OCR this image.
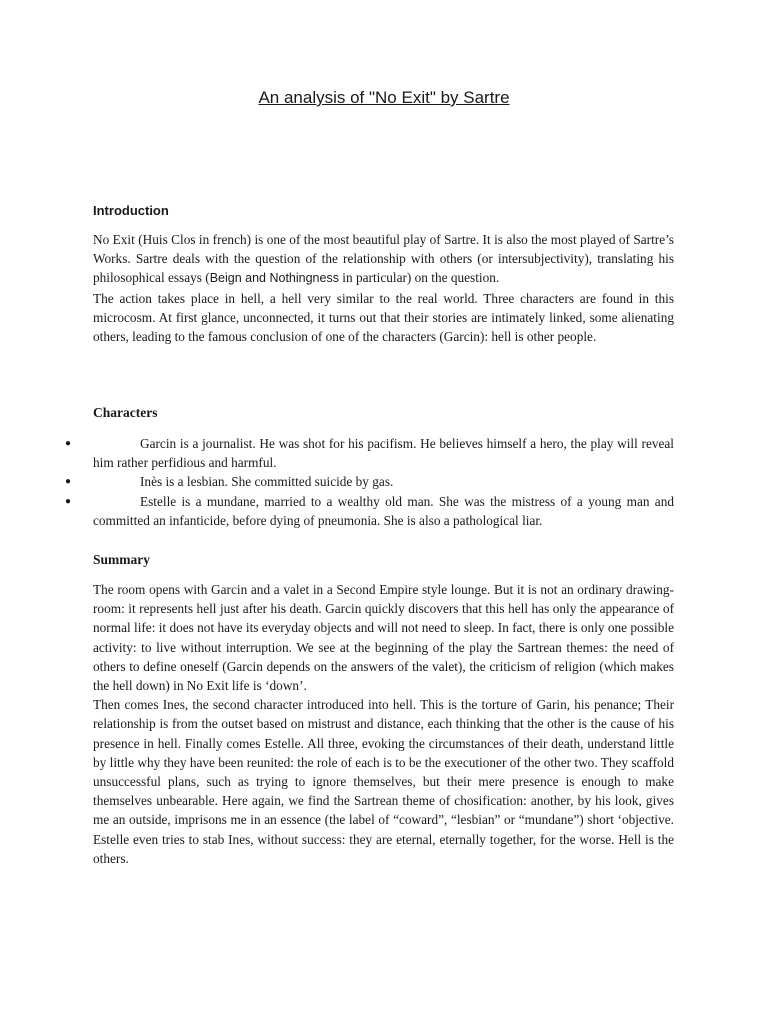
An analysis of "No Exit" by Sartre
Introduction

No Exit (Huis Clos in french) is one of the most beautiful play of Sartre. It is also the most played of Sartre’s Works. Sartre deals with the question of the relationship with others (or intersubjectivity), translating his philosophical essays (Beign and Nothingness in particular) on the question.

The action takes place in hell, a hell very similar to the real world. Three characters are found in this microcosm. At first glance, unconnected, it turns out that their stories are intimately linked, some alienating others, leading to the famous conclusion of one of the characters (Garcin): hell is other people.

Characters
●	Garcin is a journalist. He was shot for his pacifism. He believes himself a hero, the play will reveal him rather perfidious and harmful.
●	Inès is a lesbian. She committed suicide by gas.
●	Estelle is a mundane, married to a wealthy old man. She was the mistress of a young man and committed an infanticide, before dying of pneumonia. She is also a pathological liar.
Summary

The room opens with Garcin and a valet in a Second Empire style lounge. But it is not an ordinary drawing-room: it represents hell just after his death. Garcin quickly discovers that this hell has only the appearance of normal life: it does not have its everyday objects and will not need to sleep. In fact, there is only one possible activity: to live without interruption. We see at the beginning of the play the Sartrean themes: the need of others to define oneself (Garcin depends on the answers of the valet), the criticism of religion (which makes the hell down) in No Exit life is ‘down’.

Then comes Ines, the second character introduced into hell. This is the torture of Garin, his penance; Their relationship is from the outset based on mistrust and distance, each thinking that the other is the cause of his presence in hell. Finally comes Estelle. All three, evoking the circumstances of their death, understand little by little why they have been reunited: the role of each is to be the executioner of the other two. They scaffold unsuccessful plans, such as trying to ignore themselves, but their mere presence is enough to make themselves unbearable. Here again, we find the Sartrean theme of chosification: another, by his look, gives me an outside, imprisons me in an essence (the label of “coward”, “lesbian” or “mundane”) short ‘objective. Estelle even tries to stab Ines, without success: they are eternal, eternally together, for the worse. Hell is the others.
